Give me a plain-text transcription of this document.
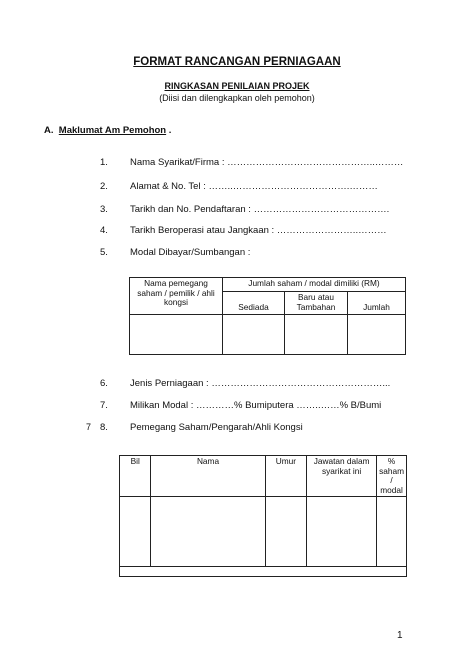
FORMAT RANCANGAN PERNIAGAAN
RINGKASAN PENILAIAN PROJEK
(Diisi dan dilengkapkan oleh pemohon)
A. Maklumat Am Pemohon .
1. Nama Syarikat/Firma : ………………………………………..………
2. Alamat & No. Tel : ……..……………………………….………
3. Tarikh dan No. Pendaftaran : …………………………………….
4. Tarikh Beroperasi atau Jangkaan : ……………………..………
5. Modal Dibayar/Sumbangan :
Nama pemegang saham / pemilik / ahli kongsi	Jumlah saham / modal dimiliki (RM)		
	Sediada	Baru atau Tambahan	Jumlah

6. Jenis Perniagaan : ………………………………………………...
7. Milikan Modal : …………% Bumiputera ……..……% B/Bumi
7 8. Pemegang Saham/Pengarah/Ahli Kongsi
Bil	Nama	Umur	Jawatan dalam syarikat ini	% saham / modal

1
